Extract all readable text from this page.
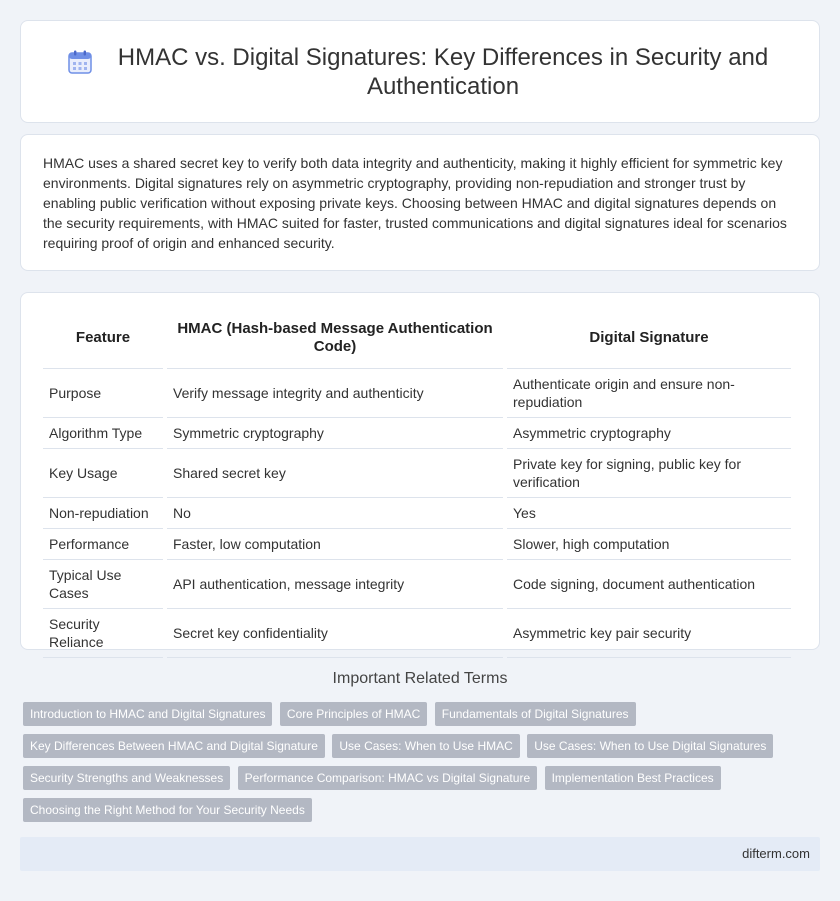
HMAC vs. Digital Signatures: Key Differences in Security and Authentication

HMAC uses a shared secret key to verify both data integrity and authenticity, making it highly efficient for symmetric key environments. Digital signatures rely on asymmetric cryptography, providing non-repudiation and stronger trust by enabling public verification without exposing private keys. Choosing between HMAC and digital signatures depends on the security requirements, with HMAC suited for faster, trusted communications and digital signatures ideal for scenarios requiring proof of origin and enhanced security.

Feature	HMAC (Hash-based Message Authentication Code)	Digital Signature
Purpose	Verify message integrity and authenticity	Authenticate origin and ensure non-repudiation
Algorithm Type	Symmetric cryptography	Asymmetric cryptography
Key Usage	Shared secret key	Private key for signing, public key for verification
Non-repudiation	No	Yes
Performance	Faster, low computation	Slower, high computation
Typical Use Cases	API authentication, message integrity	Code signing, document authentication
Security Reliance	Secret key confidentiality	Asymmetric key pair security
Important Related Terms
Introduction to HMAC and Digital Signatures Core Principles of HMAC Fundamentals of Digital Signatures Key Differences Between HMAC and Digital Signature Use Cases: When to Use HMAC Use Cases: When to Use Digital Signatures Security Strengths and Weaknesses Performance Comparison: HMAC vs Digital Signature Implementation Best Practices Choosing the Right Method for Your Security Needs
difterm.com
